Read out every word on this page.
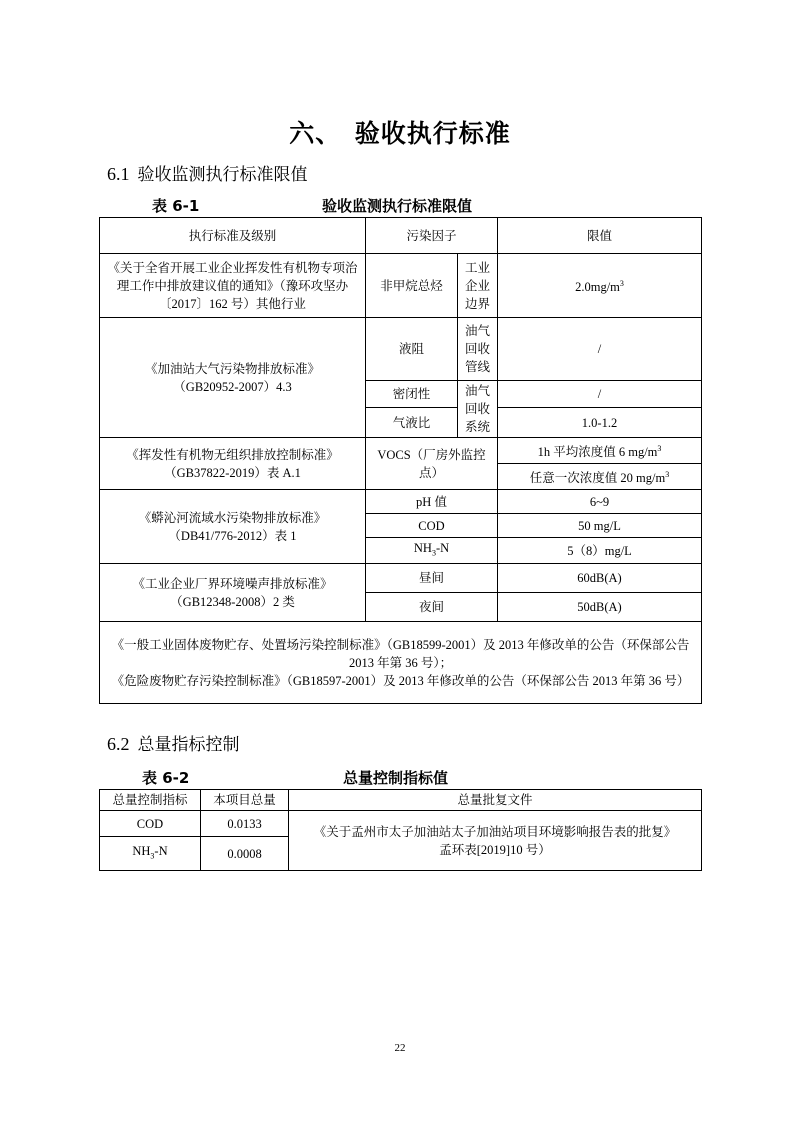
六、　验收执行标准
6.1 验收监测执行标准限值
表 6-1	验收监测执行标准限值
执行标准及级别	污染因子		限值
《关于全省开展工业企业挥发性有机物专项治理工作中排放建议值的通知》（豫环攻坚办〔2017〕162 号）其他行业	非甲烷总烃	工业企业边界	$2.0mg/m^3$

《加油站大气污染物排放标准》
（GB20952-2007）4.3	液阻	油气回收管线	/
	密闭性	油气回收系统	/
	气液比		1.0-1.2

《挥发性有机物无组织排放控制标准》
（GB37822-2019）表 A.1	VOCS（厂房外监控点）		1h 平均浓度值 6 $mg/m^3$
			任意一次浓度值 20 $mg/m^3$

《蟒沁河流域水污染物排放标准》
（DB41/776-2012）表 1	pH 值		6~9
	COD		50 mg/L
	$NH_3-N$		5（8）mg/L

《工业企业厂界环境噪声排放标准》
（GB12348-2008）2 类	昼间		60dB(A)
	夜间		50dB(A)

《一般工业固体废物贮存、处置场污染控制标准》（GB18599-2001）及 2013 年修改单的公告（环保部公告 2013 年第 36 号）；
《危险废物贮存污染控制标准》（GB18597-2001）及 2013 年修改单的公告（环保部公告 2013 年第 36 号）			
6.2 总量指标控制
表 6-2	总量控制指标值
总量控制指标	本项目总量	总量批复文件
COD	0.0133	《关于孟州市太子加油站太子加油站项目环境影响报告表的批复》孟环表[2019]10 号）
$NH_3-N$	0.0008	
22
